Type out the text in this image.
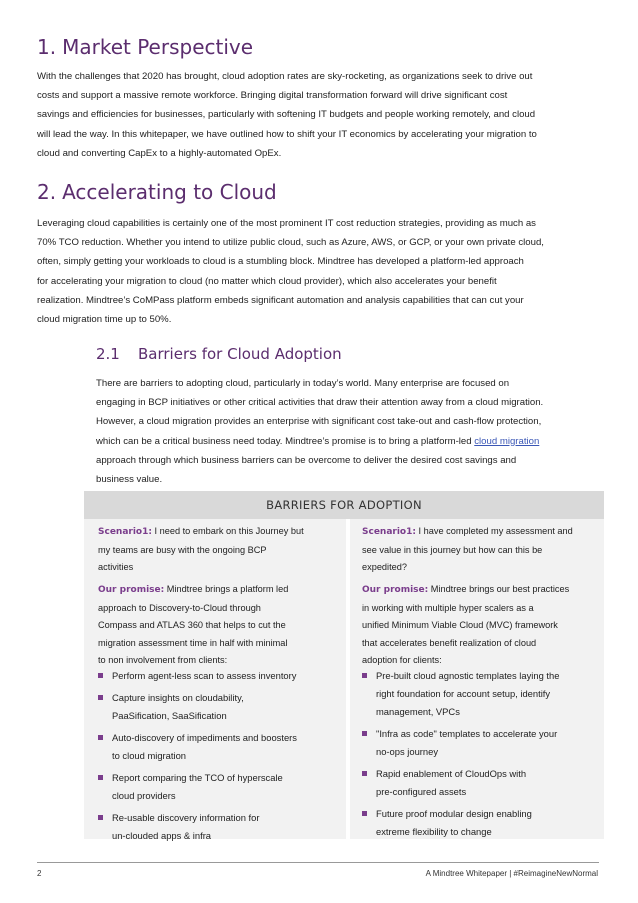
1. Market Perspective
With the challenges that 2020 has brought, cloud adoption rates are sky-rocketing, as organizations seek to drive out
costs and support a massive remote workforce. Bringing digital transformation forward will drive significant cost
savings and efficiencies for businesses, particularly with softening IT budgets and people working remotely, and cloud
will lead the way. In this whitepaper, we have outlined how to shift your IT economics by accelerating your migration to
cloud and converting CapEx to a highly-automated OpEx.
2. Accelerating to Cloud
Leveraging cloud capabilities is certainly one of the most prominent IT cost reduction strategies, providing as much as
70% TCO reduction. Whether you intend to utilize public cloud, such as Azure, AWS, or GCP, or your own private cloud,
often, simply getting your workloads to cloud is a stumbling block. Mindtree has developed a platform-led approach
for accelerating your migration to cloud (no matter which cloud provider), which also accelerates your benefit
realization. Mindtree’s CoMPass platform embeds significant automation and analysis capabilities that can cut your
cloud migration time up to 50%.
2.1 Barriers for Cloud Adoption
There are barriers to adopting cloud, particularly in today’s world. Many enterprise are focused on
engaging in BCP initiatives or other critical activities that draw their attention away from a cloud migration.
However, a cloud migration provides an enterprise with significant cost take-out and cash-flow protection,
which can be a critical business need today. Mindtree’s promise is to bring a platform-led cloud migration
approach through which business barriers can be overcome to deliver the desired cost savings and
business value.
BARRIERS FOR ADOPTION
Scenario1: I need to embark on this Journey but
my teams are busy with the ongoing BCP
activities
Our promise: Mindtree brings a platform led
approach to Discovery-to-Cloud through
Compass and ATLAS 360 that helps to cut the
migration assessment time in half with minimal
to non involvement from clients:
Perform agent-less scan to assess inventory
Capture insights on cloudability,
PaaSification, SaaSification
Auto-discovery of impediments and boosters
to cloud migration
Report comparing the TCO of hyperscale
cloud providers
Re-usable discovery information for
un-clouded apps & infra
Scenario1: I have completed my assessment and
see value in this journey but how can this be
expedited?
Our promise: Mindtree brings our best practices
in working with multiple hyper scalers as a
unified Minimum Viable Cloud (MVC) framework
that accelerates benefit realization of cloud
adoption for clients:
Pre-built cloud agnostic templates laying the
right foundation for account setup, identify
management, VPCs
"Infra as code" templates to accelerate your
no-ops journey
Rapid enablement of CloudOps with
pre-configured assets
Future proof modular design enabling
extreme flexibility to change
2	A Mindtree Whitepaper | #ReimagineNewNormal
